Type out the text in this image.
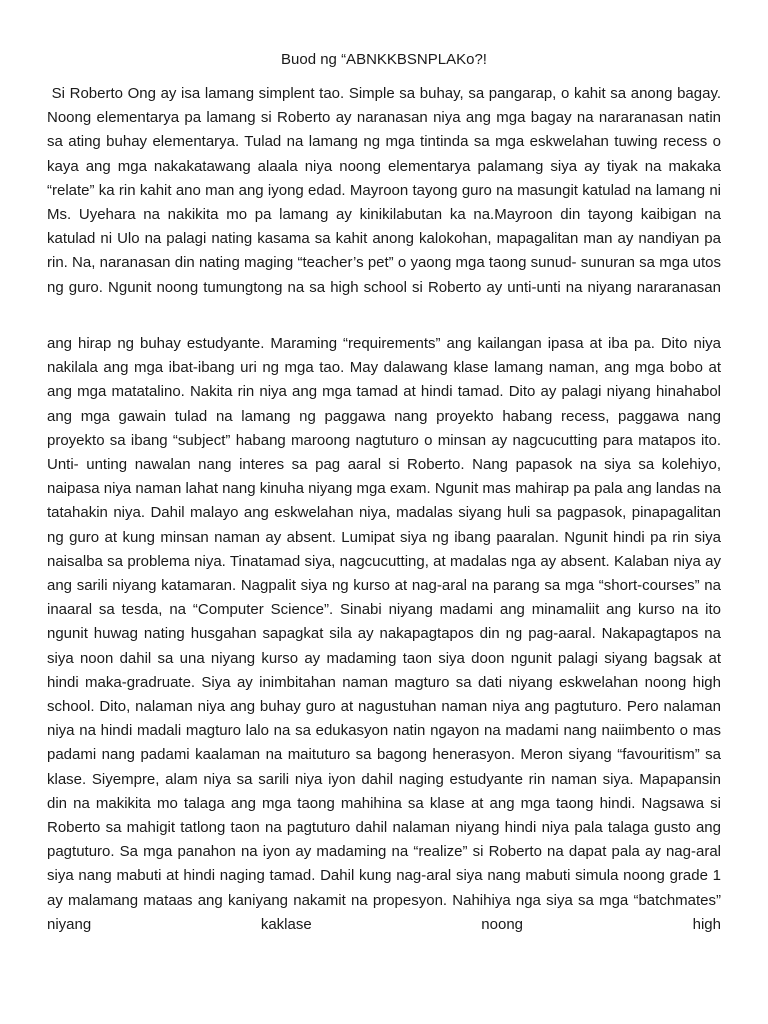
Buod ng “ABNKKBSNPLAKo?!

Si Roberto Ong ay isa lamang simplent tao. Simple sa buhay, sa pangarap, o kahit sa anong bagay. Noong elementarya pa lamang si Roberto ay naranasan niya ang mga bagay na nararanasan natin sa ating buhay elementarya. Tulad na lamang ng mga tintinda sa mga eskwelahan tuwing recess o kaya ang mga nakakatawang alaala niya noong elementarya palamang siya ay tiyak na makaka “relate” ka rin kahit ano man ang iyong edad. Mayroon tayong guro na masungit katulad na lamang ni Ms. Uyehara na nakikita mo pa lamang ay kinikilabutan ka na.Mayroon din tayong kaibigan na katulad ni Ulo na palagi nating kasama sa kahit anong kalokohan, mapagalitan man ay nandiyan pa rin. Na, naranasan din nating maging “teacher’s pet” o yaong mga taong sunud- sunuran sa mga utos ng guro. Ngunit noong tumungtong na sa high school si Roberto ay unti-unti na niyang nararanasan

ang hirap ng buhay estudyante. Maraming “requirements” ang kailangan ipasa at iba pa. Dito niya nakilala ang mga ibat-ibang uri ng mga tao. May dalawang klase lamang naman, ang mga bobo at ang mga matatalino. Nakita rin niya ang mga tamad at hindi tamad. Dito ay palagi niyang hinahabol ang mga gawain tulad na lamang ng paggawa nang proyekto habang recess, paggawa nang proyekto sa ibang “subject” habang maroong nagtuturo o minsan ay nagcucutting para matapos ito. Unti- unting nawalan nang interes sa pag aaral si Roberto. Nang papasok na siya sa kolehiyo, naipasa niya naman lahat nang kinuha niyang mga exam. Ngunit mas mahirap pa pala ang landas na tatahakin niya. Dahil malayo ang eskwelahan niya, madalas siyang huli sa pagpasok, pinapagalitan ng guro at kung minsan naman ay absent. Lumipat siya ng ibang paaralan. Ngunit hindi pa rin siya naisalba sa problema niya. Tinatamad siya, nagcucutting, at madalas nga ay absent. Kalaban niya ay ang sarili niyang katamaran. Nagpalit siya ng kurso at nag-aral na parang sa mga “short-courses” na inaaral sa tesda, na “Computer Science”. Sinabi niyang madami ang minamaliit ang kurso na ito ngunit huwag nating husgahan sapagkat sila ay nakapagtapos din ng pag-aaral. Nakapagtapos na siya noon dahil sa una niyang kurso ay madaming taon siya doon ngunit palagi siyang bagsak at hindi maka-gradruate. Siya ay inimbitahan naman magturo sa dati niyang eskwelahan noong high school. Dito, nalaman niya ang buhay guro at nagustuhan naman niya ang pagtuturo. Pero nalaman niya na hindi madali magturo lalo na sa edukasyon natin ngayon na madami nang naiimbento o mas padami nang padami kaalaman na maituturo sa bagong henerasyon. Meron siyang “favouritism” sa klase. Siyempre, alam niya sa sarili niya iyon dahil naging estudyante rin naman siya. Mapapansin din na makikita mo talaga ang mga taong mahihina sa klase at ang mga taong hindi. Nagsawa si Roberto sa mahigit tatlong taon na pagtuturo dahil nalaman niyang hindi niya pala talaga gusto ang pagtuturo. Sa mga panahon na iyon ay madaming na “realize” si Roberto na dapat pala ay nag-aral siya nang mabuti at hindi naging tamad. Dahil kung nag-aral siya nang mabuti simula noong grade 1 ay malamang mataas ang kaniyang nakamit na propesyon. Nahihiya nga siya sa mga “batchmates” niyang kaklase noong high
